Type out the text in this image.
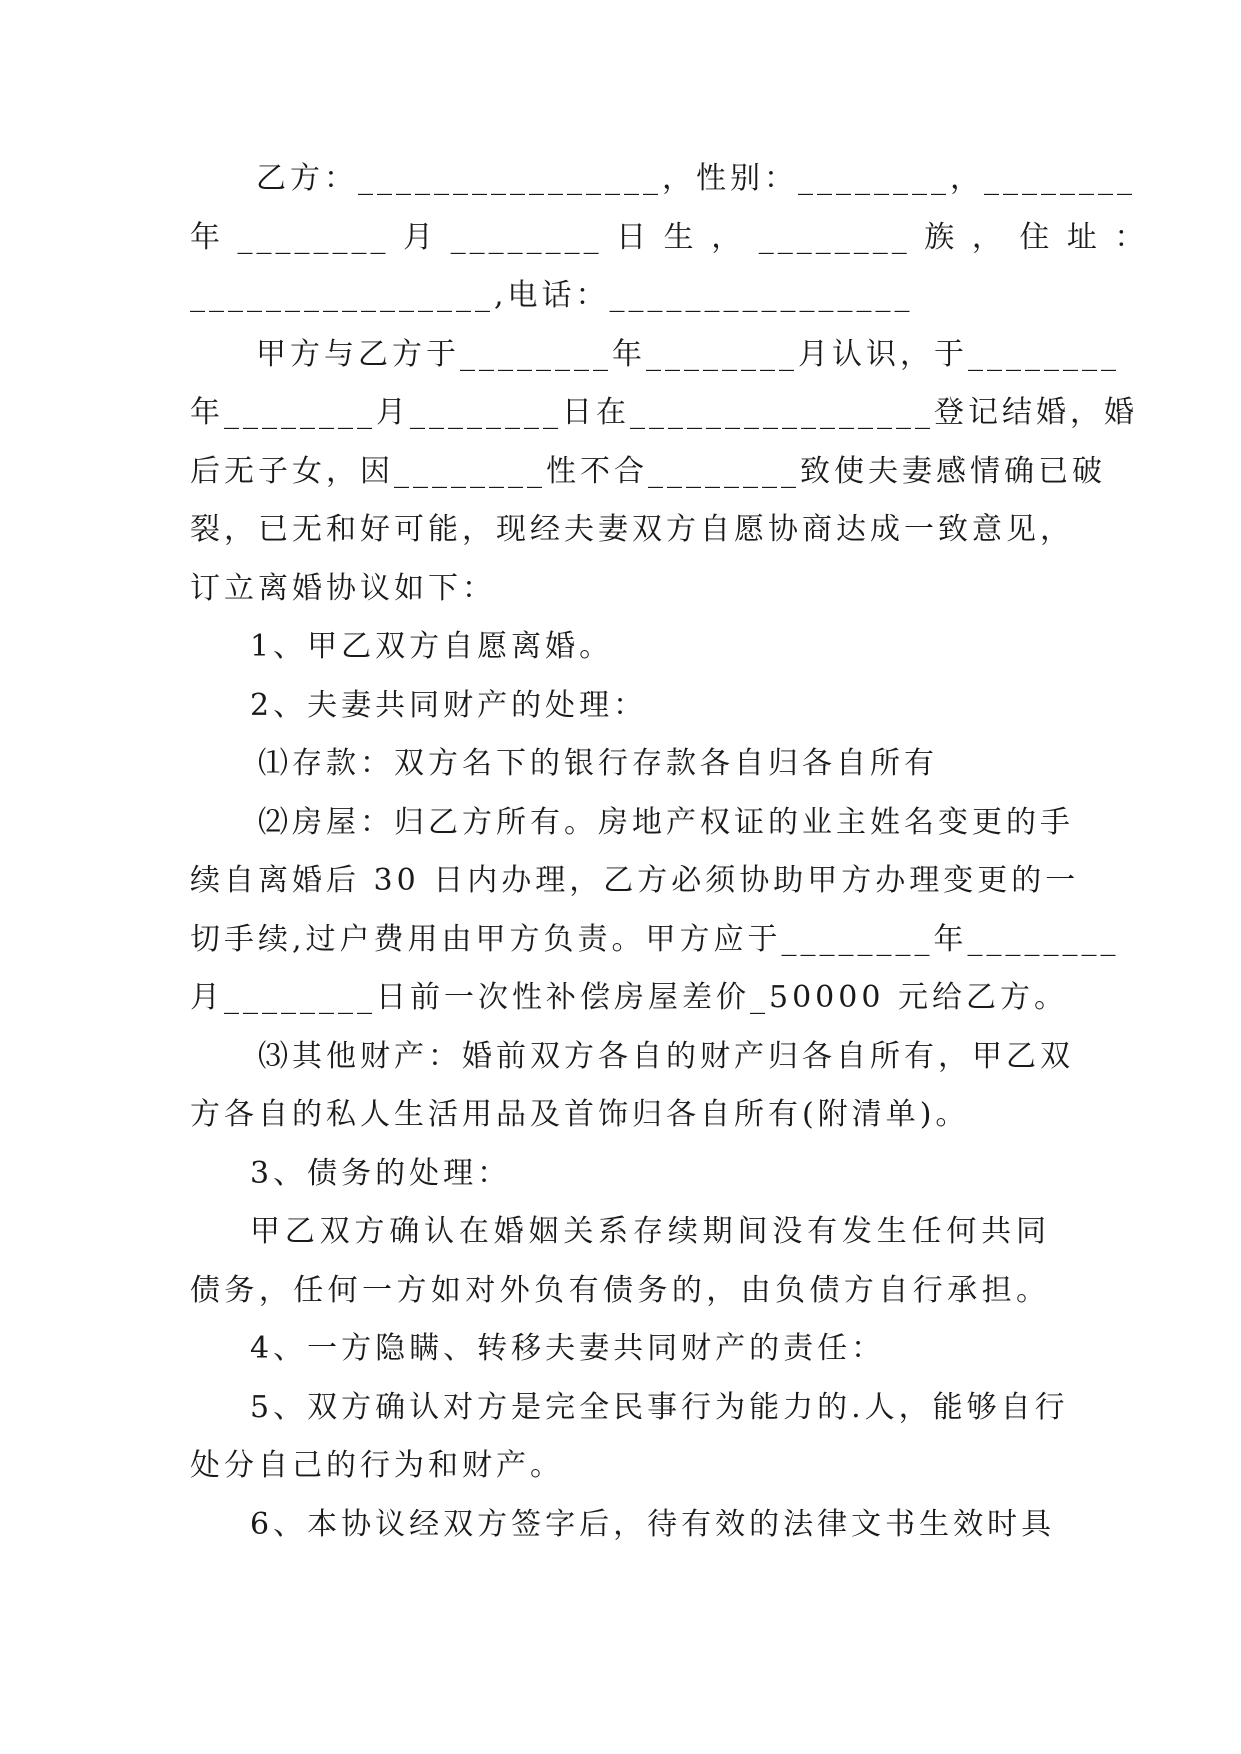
乙方：________________，性别：________，________
年 ________ 月 ________ 日 生 ， ________ 族 ， 住 址 ：
________________,电话：________________
甲方与乙方于________年________月认识，于________
年________月________日在________________登记结婚，婚
后无子女，因________性不合________致使夫妻感情确已破
裂，已无和好可能，现经夫妻双方自愿协商达成一致意见，
订立离婚协议如下：
1、甲乙双方自愿离婚。
2、夫妻共同财产的处理：
⑴存款：双方名下的银行存款各自归各自所有
⑵房屋：归乙方所有。房地产权证的业主姓名变更的手
续自离婚后 30 日内办理，乙方必须协助甲方办理变更的一
切手续,过户费用由甲方负责。甲方应于________年________
月________日前一次性补偿房屋差价_50000 元给乙方。
⑶其他财产：婚前双方各自的财产归各自所有，甲乙双
方各自的私人生活用品及首饰归各自所有(附清单)。
3、债务的处理：
甲乙双方确认在婚姻关系存续期间没有发生任何共同
债务，任何一方如对外负有债务的，由负债方自行承担。
4、一方隐瞒、转移夫妻共同财产的责任：
5、双方确认对方是完全民事行为能力的.人，能够自行
处分自己的行为和财产。
6、本协议经双方签字后，待有效的法律文书生效时具
